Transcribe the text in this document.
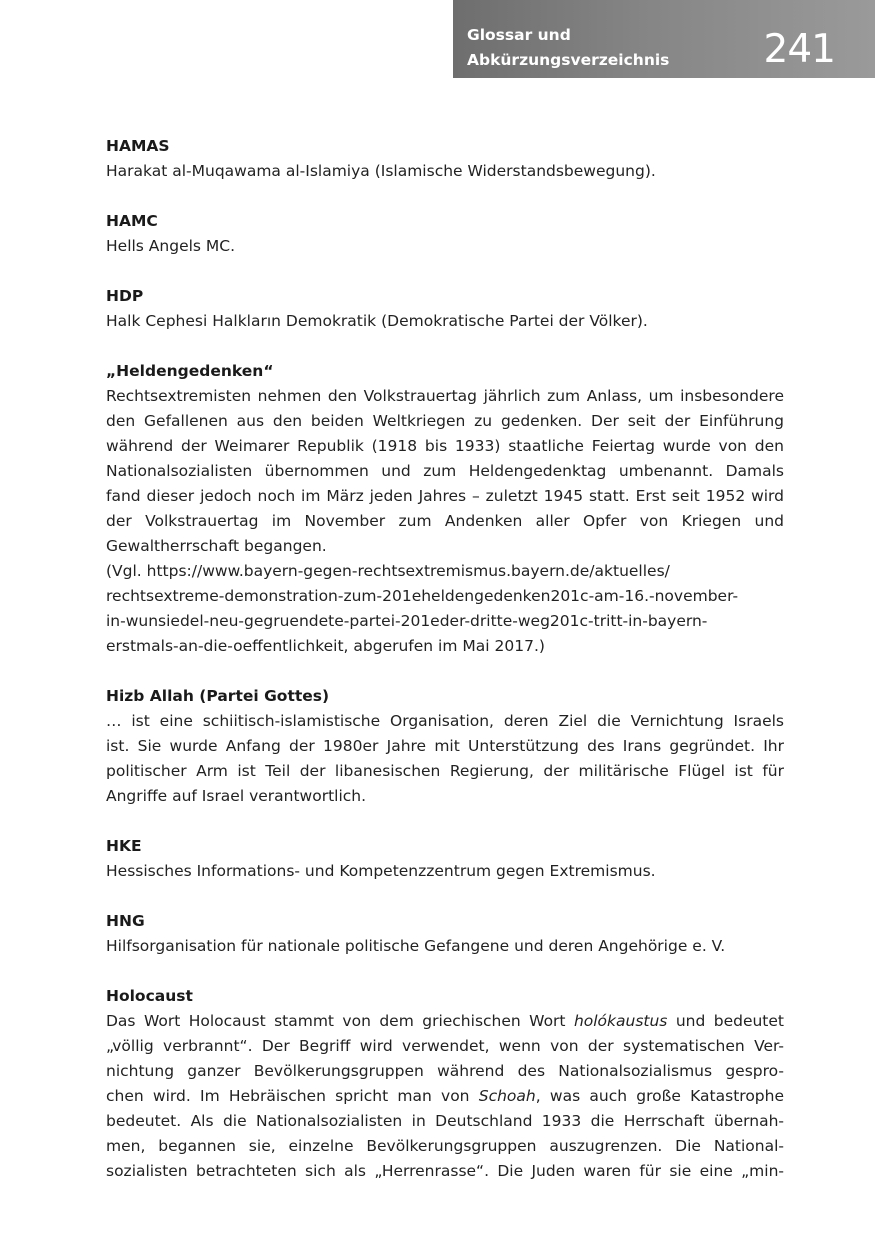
Glossar und
Abkürzungsverzeichnis 241

HAMAS

Harakat al-Muqawama al-Islamiya (Islamische Widerstandsbewegung).

HAMC

Hells Angels MC.

HDP

Halk Cephesi Halkların Demokratik (Demokratische Partei der Völker).

„Heldengedenken“

Rechtsextremisten nehmen den Volkstrauertag jährlich zum Anlass, um insbesondere
den Gefallenen aus den beiden Weltkriegen zu gedenken. Der seit der Einführung
während der Weimarer Republik (1918 bis 1933) staatliche Feiertag wurde von den
Nationalsozialisten übernommen und zum Heldengedenktag umbenannt. Damals
fand dieser jedoch noch im März jeden Jahres – zuletzt 1945 statt. Erst seit 1952 wird
der Volkstrauertag im November zum Andenken aller Opfer von Kriegen und
Gewaltherrschaft begangen.
(Vgl. https://www.bayern-gegen-rechtsextremismus.bayern.de/aktuelles/
rechtsextreme-demonstration-zum-201eheldengedenken201c-am-16.-november-
in-wunsiedel-neu-gegruendete-partei-201eder-dritte-weg201c-tritt-in-bayern-
erstmals-an-die-oeffentlichkeit, abgerufen im Mai 2017.)

Hizb Allah (Partei Gottes)

… ist eine schiitisch-islamistische Organisation, deren Ziel die Vernichtung Israels
ist. Sie wurde Anfang der 1980er Jahre mit Unterstützung des Irans gegründet. Ihr
politischer Arm ist Teil der libanesischen Regierung, der militärische Flügel ist für
Angriffe auf Israel verantwortlich.

HKE

Hessisches Informations- und Kompetenzzentrum gegen Extremismus.

HNG

Hilfsorganisation für nationale politische Gefangene und deren Angehörige e. V.

Holocaust

Das Wort Holocaust stammt von dem griechischen Wort holókaustus und bedeutet
„völlig verbrannt“. Der Begriff wird verwendet, wenn von der systematischen Ver-
nichtung ganzer Bevölkerungsgruppen während des Nationalsozialismus gespro-
chen wird. Im Hebräischen spricht man von Schoah, was auch große Katastrophe
bedeutet. Als die Nationalsozialisten in Deutschland 1933 die Herrschaft übernah-
men, begannen sie, einzelne Bevölkerungsgruppen auszugrenzen. Die National-
sozialisten betrachteten sich als „Herrenrasse“. Die Juden waren für sie eine „min-
